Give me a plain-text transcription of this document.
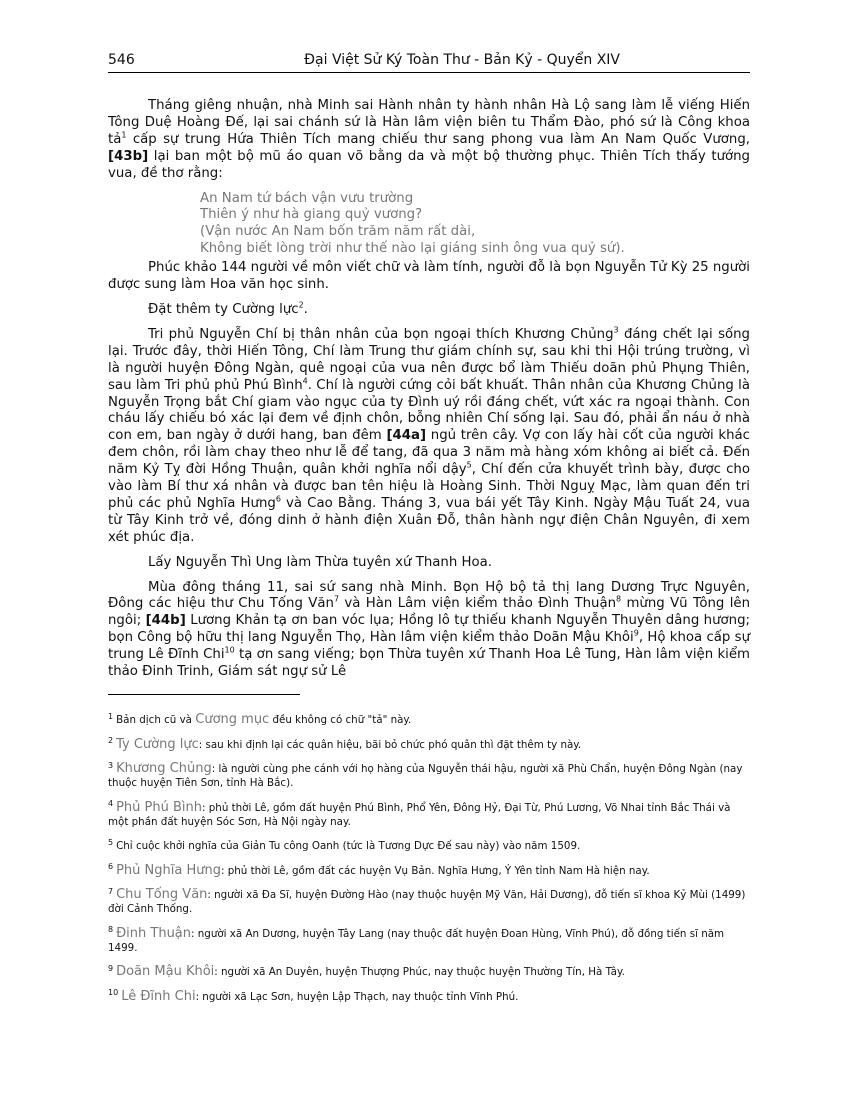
546	Đại Việt Sử Ký Toàn Thư - Bản Kỷ - Quyển XIV

Tháng giêng nhuận, nhà Minh sai Hành nhân ty hành nhân Hà Lộ sang làm lễ viếng Hiến Tông Duệ Hoàng Đế, lại sai chánh sứ là Hàn lâm viện biên tu Thẩm Đào, phó sứ là Công khoa tả$^1$ cấp sự trung Hứa Thiên Tích mang chiếu thư sang phong vua làm An Nam Quốc Vương, [43b] lại ban một bộ mũ áo quan võ bằng da và một bộ thường phục. Thiên Tích thấy tướng vua, đề thơ rằng:

An Nam tứ bách vận vưu trường
Thiên ý như hà giang quỷ vương?
(Vận nước An Nam bốn trăm năm rất dài,
Không biết lòng trời như thế nào lại giáng sinh ông vua quỷ sứ).

Phúc khảo 144 người về môn viết chữ và làm tính, người đỗ là bọn Nguyễn Tử Kỳ 25 người được sung làm Hoa văn học sinh.

Đặt thêm ty Cường lực$^2$.

Tri phủ Nguyễn Chí bị thân nhân của bọn ngoại thích Khương Chủng$^3$ đáng chết lại sống lại. Trước đây, thời Hiến Tông, Chí làm Trung thư giám chính sự, sau khi thi Hội trúng trường, vì là người huyện Đông Ngàn, quê ngoại của vua nên được bổ làm Thiếu doãn phủ Phụng Thiên, sau làm Tri phủ phủ Phú Bình$^4$. Chí là người cứng cỏi bất khuất. Thân nhân của Khương Chủng là Nguyễn Trọng bắt Chí giam vào ngục của ty Đình uý rồi đáng chết, vứt xác ra ngoại thành. Con cháu lấy chiếu bó xác lại đem về định chôn, bỗng nhiên Chí sống lại. Sau đó, phải ẩn náu ở nhà con em, ban ngày ở dưới hang, ban đêm [44a] ngủ trên cây. Vợ con lấy hài cốt của người khác đem chôn, rồi làm chay theo như lễ để tang, đã qua 3 năm mà hàng xóm không ai biết cả. Đến năm Kỷ Tỵ đời Hồng Thuận, quân khởi nghĩa nổi dậy$^5$, Chí đến cửa khuyết trình bày, được cho vào làm Bí thư xá nhân và được ban tên hiệu là Hoàng Sinh. Thời Nguỵ Mạc, làm quan đến tri phủ các phủ Nghĩa Hưng$^6$ và Cao Bằng. Tháng 3, vua bái yết Tây Kinh. Ngày Mậu Tuất 24, vua từ Tây Kinh trở về, đóng dinh ở hành điện Xuân Đỗ, thân hành ngự điện Chân Nguyên, đi xem xét phúc địa.

Lấy Nguyễn Thì Ung làm Thừa tuyên xứ Thanh Hoa.

Mùa đông tháng 11, sai sứ sang nhà Minh. Bọn Hộ bộ tả thị lang Dương Trực Nguyên, Đông các hiệu thư Chu Tống Văn$^7$ và Hàn Lâm viện kiểm thảo Đình Thuận$^8$ mừng Vũ Tông lên ngôi; [44b] Lương Khản tạ ơn ban vóc lụa; Hồng lô tự thiếu khanh Nguyễn Thuyên dâng hương; bọn Công bộ hữu thị lang Nguyễn Thọ, Hàn lâm viện kiểm thảo Doãn Mậu Khôi$^9$, Hộ khoa cấp sự trung Lê Đĩnh Chi$^{10}$ tạ ơn sang viếng; bọn Thừa tuyên xứ Thanh Hoa Lê Tung, Hàn lâm viện kiểm thảo Đinh Trinh, Giám sát ngự sử Lê

$^1$ Bản dịch cũ và Cương mục đều không có chữ "tả" này.
$^2$ Ty Cường lực: sau khi định lại các quân hiệu, bãi bỏ chức phó quân thì đặt thêm ty này.
$^3$ Khương Chủng: là người cùng phe cánh với họ hàng của Nguyễn thái hậu, người xã Phù Chẩn, huyện Đông Ngàn (nay thuộc huyện Tiên Sơn, tỉnh Hà Bắc).
$^4$ Phủ Phú Bình: phủ thời Lê, gồm đất huyện Phú Bình, Phổ Yên, Đông Hỷ, Đại Từ, Phú Lương, Võ Nhai tỉnh Bắc Thái và một phần đất huyện Sóc Sơn, Hà Nội ngày nay.
$^5$ Chỉ cuộc khởi nghĩa của Giản Tu công Oanh (tức là Tương Dực Đế sau này) vào năm 1509.
$^6$ Phủ Nghĩa Hưng: phủ thời Lê, gồm đất các huyện Vụ Bản. Nghĩa Hưng, Ý Yên tỉnh Nam Hà hiện nay.
$^7$ Chu Tống Văn: người xã Đa Sĩ, huyện Đường Hào (nay thuộc huyện Mỹ Văn, Hải Dương), đỗ tiến sĩ khoa Kỷ Mùi (1499) đời Cảnh Thống.
$^8$ Đinh Thuận: người xã An Dương, huyện Tây Lang (nay thuộc đất huyện Đoan Hùng, Vĩnh Phú), đỗ đồng tiến sĩ năm 1499.
$^9$ Doãn Mậu Khôi: người xã An Duyên, huyện Thượng Phúc, nay thuộc huyện Thường Tín, Hà Tây.
$^{10}$ Lê Đĩnh Chi: người xã Lạc Sơn, huyện Lập Thạch, nay thuộc tỉnh Vĩnh Phú.
